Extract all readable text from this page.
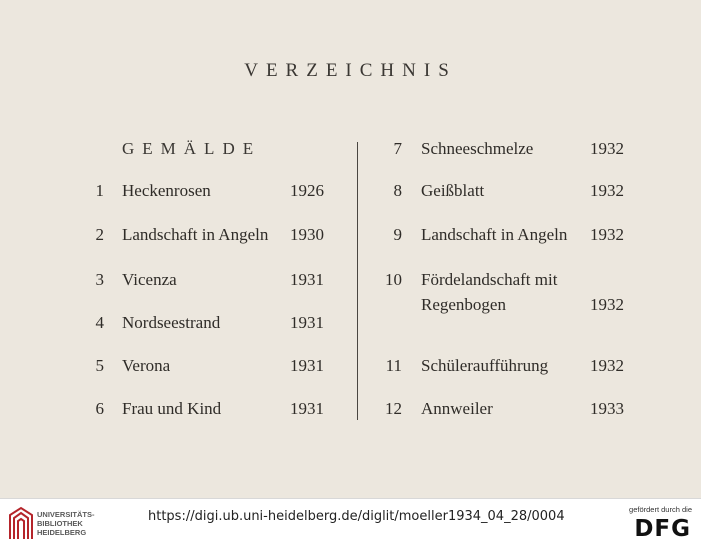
VERZEICHNIS
GEMÄLDE
1 Heckenrosen	1926
2 Landschaft in Angeln	1930
3 Vicenza	1931
4 Nordseestrand	1931
5 Verona	1931
6 Frau und Kind	1931
7 Schneeschmelze	1932
8 Geißblatt	1932
9 Landschaft in Angeln	1932
10 Fördelandschaft mit
Regenbogen	1932
11 Schüleraufführung	1932
12 Annweiler	1933
UNIVERSITÄTS-
BIBLIOTHEK
HEIDELBERG
https://digi.ub.uni-heidelberg.de/diglit/moeller1934_04_28/0004	gefördert durch die
DFG
